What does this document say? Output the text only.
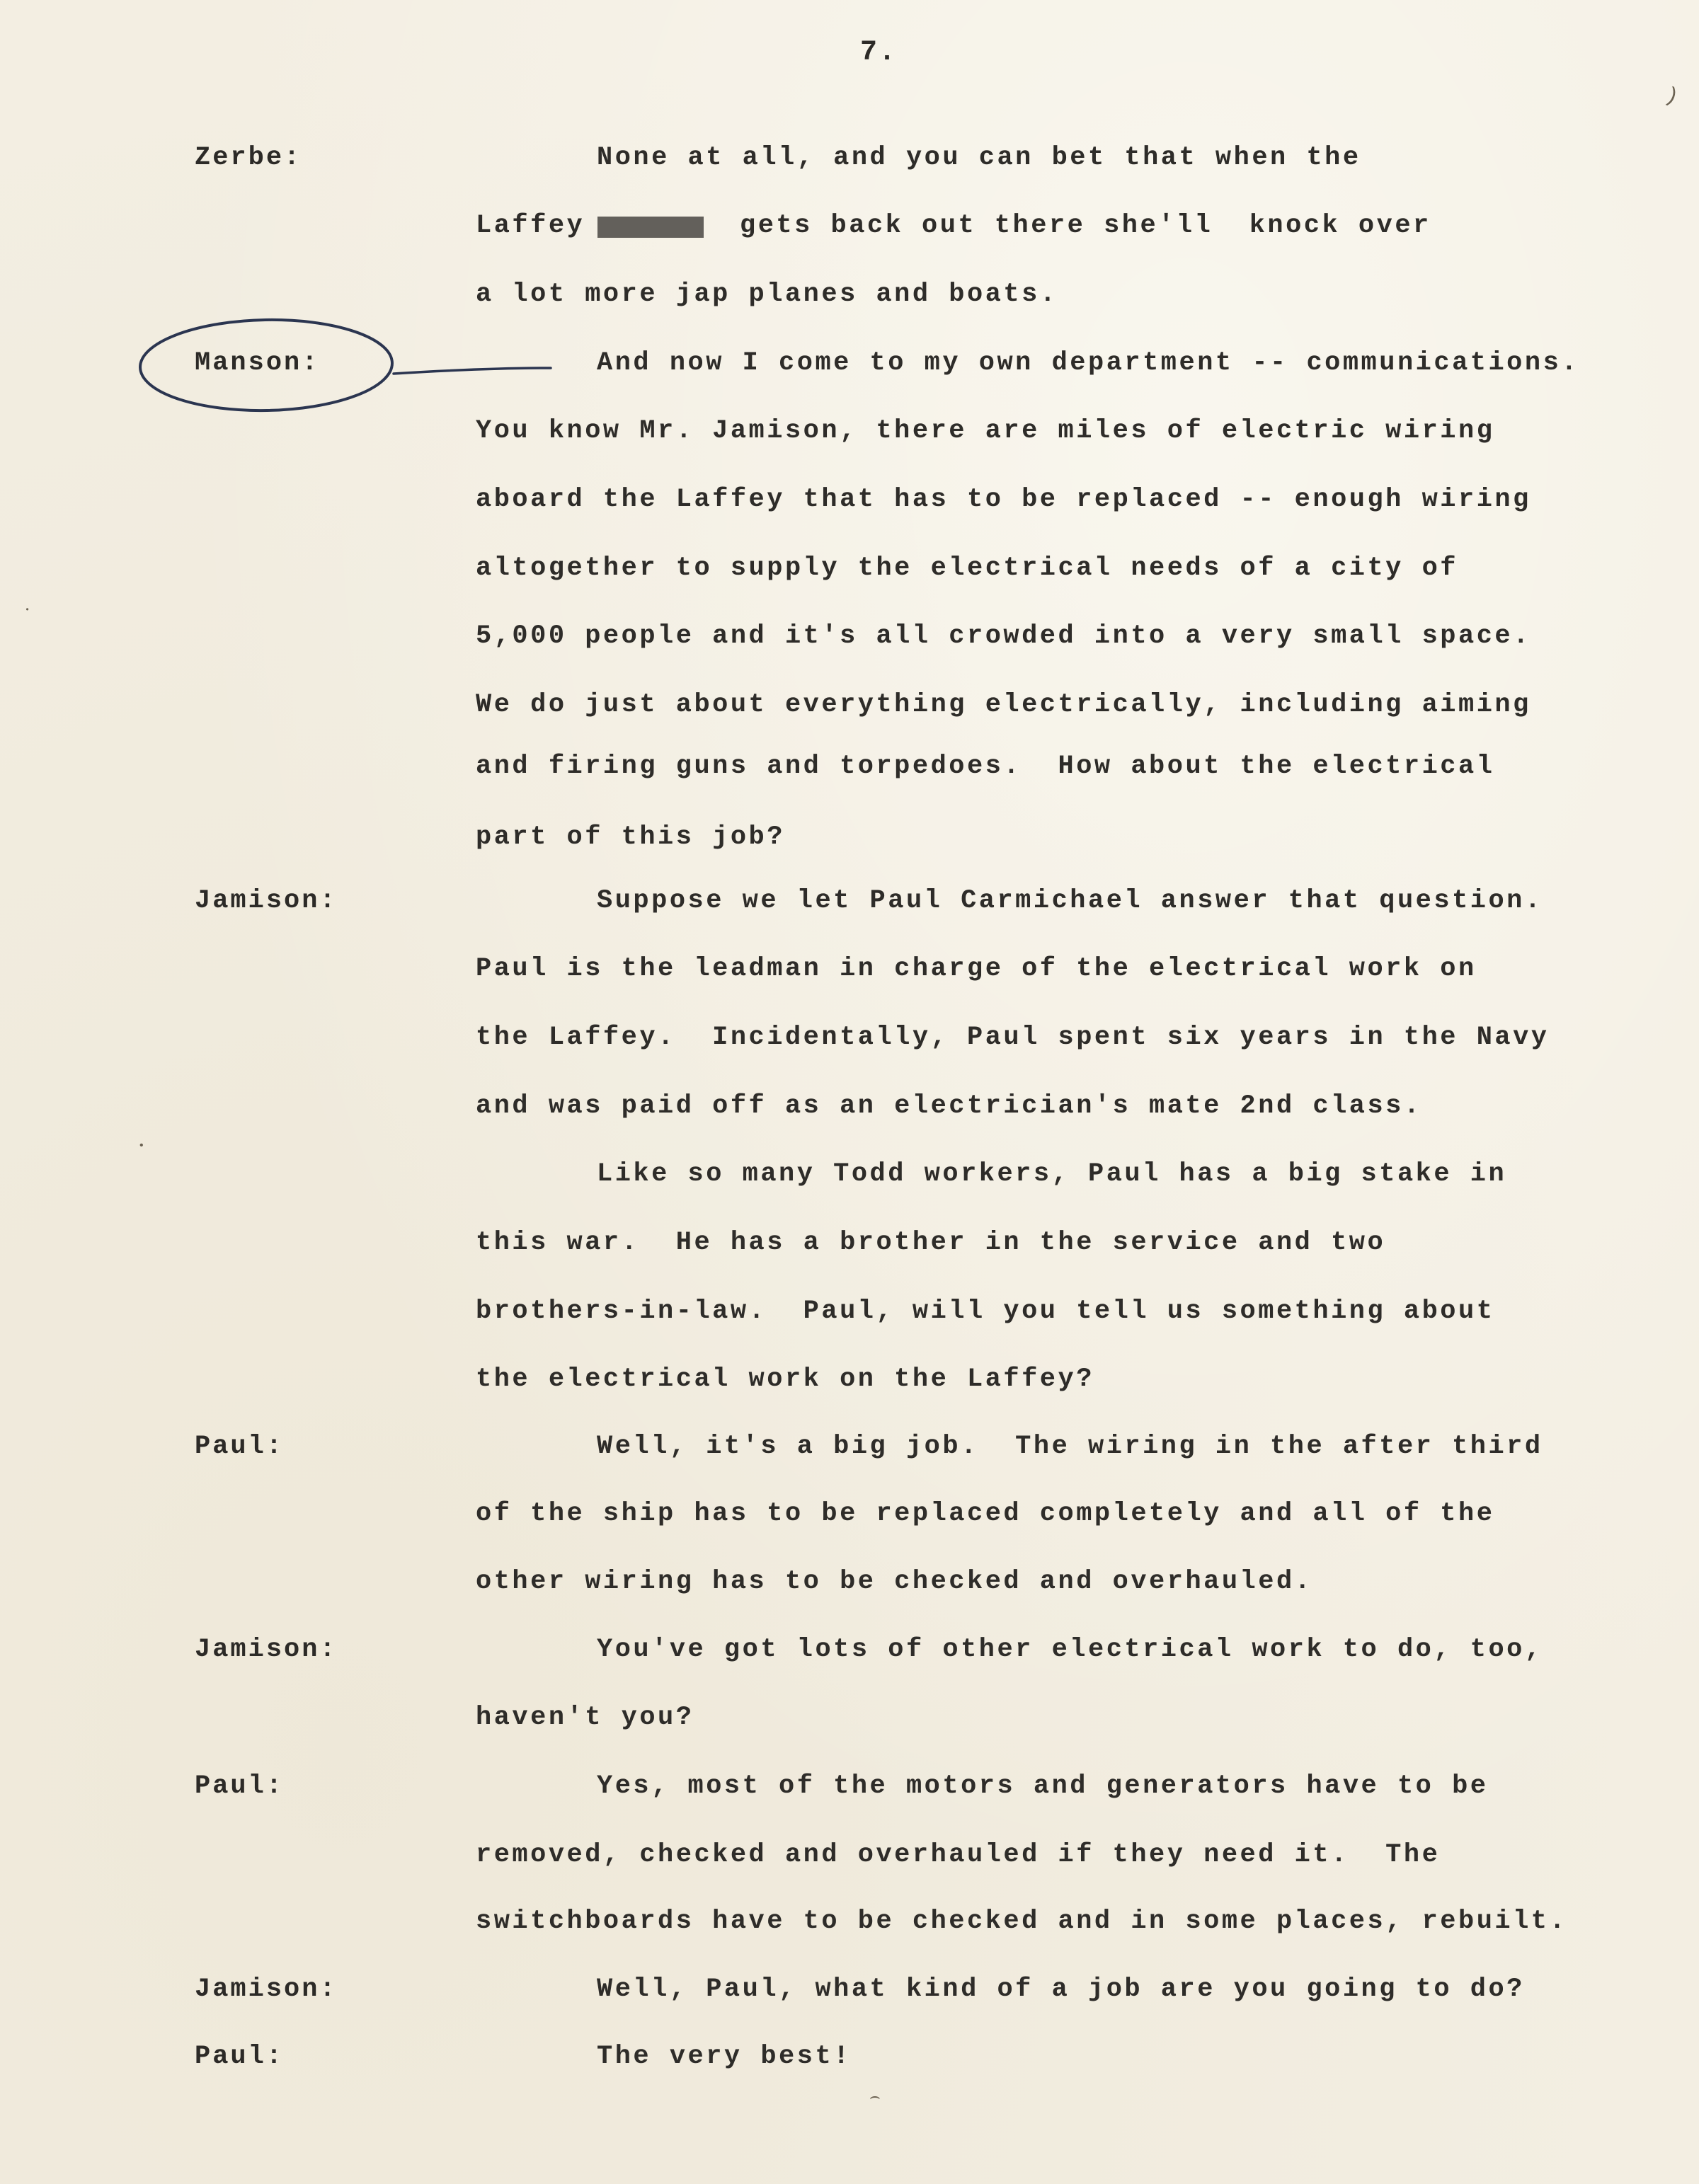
7.
Zerbe:
Manson:
Jamison:
Paul:
Jamison:
Paul:
Jamison:
Paul:
None at all, and you can bet that when the
Laffey	gets back out there she'll  knock over
a lot more jap planes and boats.
And now I come to my own department -- communications.
You know Mr. Jamison, there are miles of electric wiring
aboard the Laffey that has to be replaced -- enough wiring
altogether to supply the electrical needs of a city of
5,000 people and it's all crowded into a very small space.
We do just about everything electrically, including aiming
and firing guns and torpedoes.  How about the electrical
part of this job?
Suppose we let Paul Carmichael answer that question.
Paul is the leadman in charge of the electrical work on
the Laffey.  Incidentally, Paul spent six years in the Navy
and was paid off as an electrician's mate 2nd class.
Like so many Todd workers, Paul has a big stake in
this war.  He has a brother in the service and two
brothers-in-law.  Paul, will you tell us something about
the electrical work on the Laffey?
Well, it's a big job.  The wiring in the after third
of the ship has to be replaced completely and all of the
other wiring has to be checked and overhauled.
You've got lots of other electrical work to do, too,
haven't you?
Yes, most of the motors and generators have to be
removed, checked and overhauled if they need it.  The
switchboards have to be checked and in some places, rebuilt.
Well, Paul, what kind of a job are you going to do?
The very best!
)
•
•
⌢
